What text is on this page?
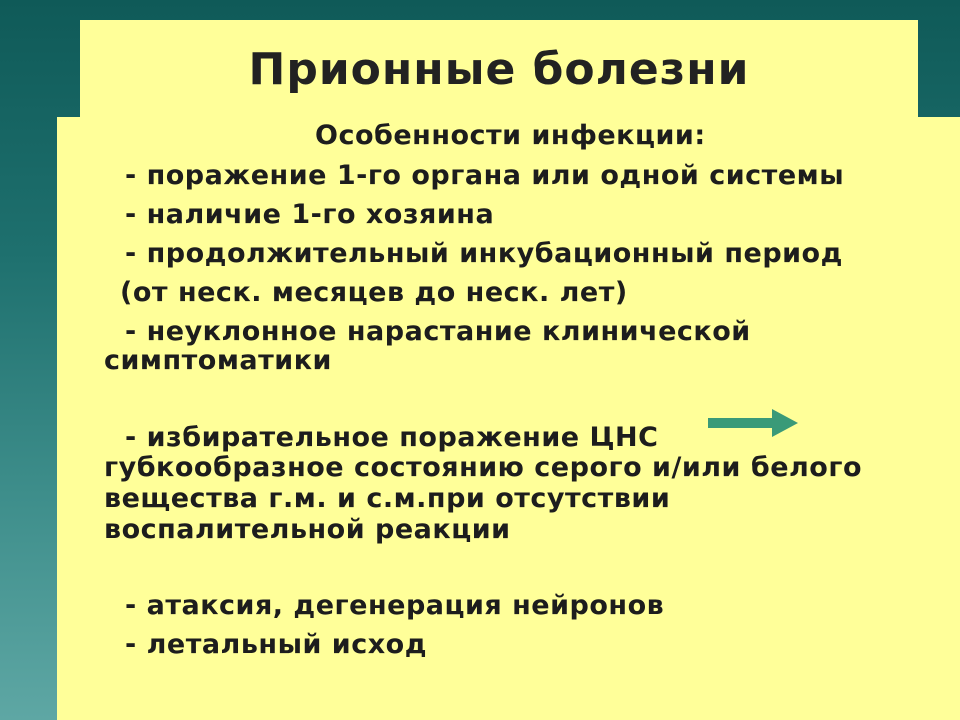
Прионные болезни
Особенности инфекции:
- поражение 1-го органа или одной системы
- наличие 1-го хозяина
- продолжительный инкубационный период
(от неск. месяцев до неск. лет)
- неуклонное нарастание клинической
симптоматики
- избирательное поражение ЦНС
губкообразное состоянию серого и/или белого
вещества г.м. и с.м.при отсутствии
воспалительной реакции
- атаксия, дегенерация нейронов
- летальный исход
